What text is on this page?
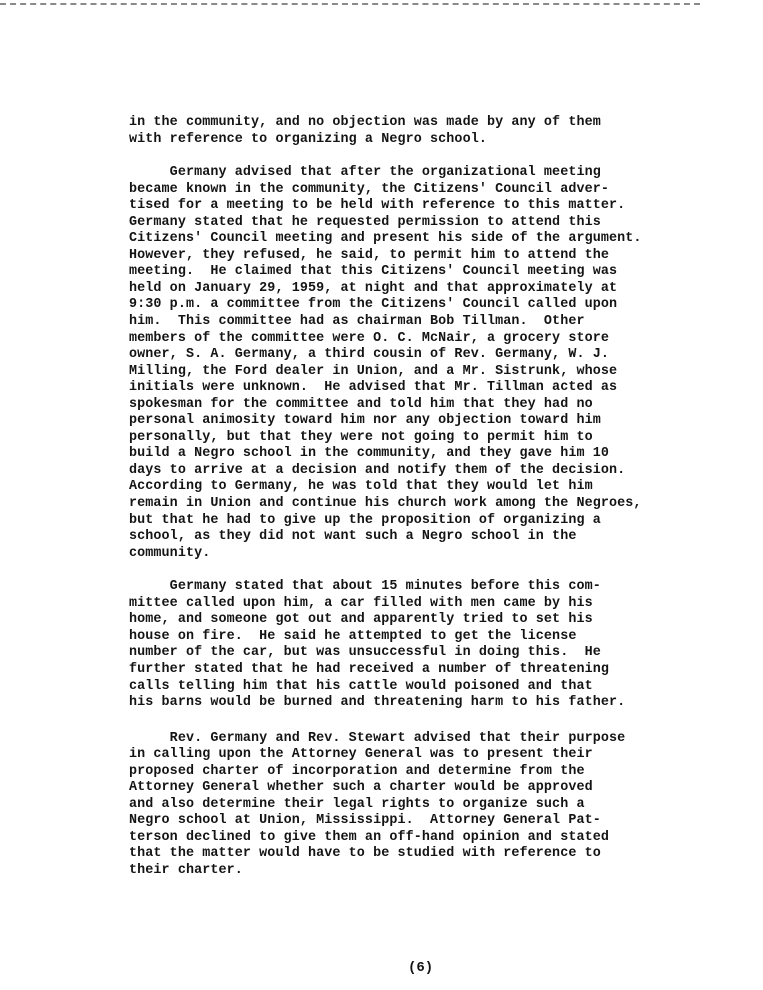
in the community, and no objection was made by any of them
with reference to organizing a Negro school.

Germany advised that after the organizational meeting
became known in the community, the Citizens' Council adver-
tised for a meeting to be held with reference to this matter.
Germany stated that he requested permission to attend this
Citizens' Council meeting and present his side of the argument.
However, they refused, he said, to permit him to attend the
meeting.  He claimed that this Citizens' Council meeting was
held on January 29, 1959, at night and that approximately at
9:30 p.m. a committee from the Citizens' Council called upon
him.  This committee had as chairman Bob Tillman.  Other
members of the committee were O. C. McNair, a grocery store
owner, S. A. Germany, a third cousin of Rev. Germany, W. J.
Milling, the Ford dealer in Union, and a Mr. Sistrunk, whose
initials were unknown.  He advised that Mr. Tillman acted as
spokesman for the committee and told him that they had no
personal animosity toward him nor any objection toward him
personally, but that they were not going to permit him to
build a Negro school in the community, and they gave him 10
days to arrive at a decision and notify them of the decision.
According to Germany, he was told that they would let him
remain in Union and continue his church work among the Negroes,
but that he had to give up the proposition of organizing a
school, as they did not want such a Negro school in the
community.

Germany stated that about 15 minutes before this com-
mittee called upon him, a car filled with men came by his
home, and someone got out and apparently tried to set his
house on fire.  He said he attempted to get the license
number of the car, but was unsuccessful in doing this.  He
further stated that he had received a number of threatening
calls telling him that his cattle would poisoned and that
his barns would be burned and threatening harm to his father.

Rev. Germany and Rev. Stewart advised that their purpose
in calling upon the Attorney General was to present their
proposed charter of incorporation and determine from the
Attorney General whether such a charter would be approved
and also determine their legal rights to organize such a
Negro school at Union, Mississippi.  Attorney General Pat-
terson declined to give them an off-hand opinion and stated
that the matter would have to be studied with reference to
their charter.

(6)
